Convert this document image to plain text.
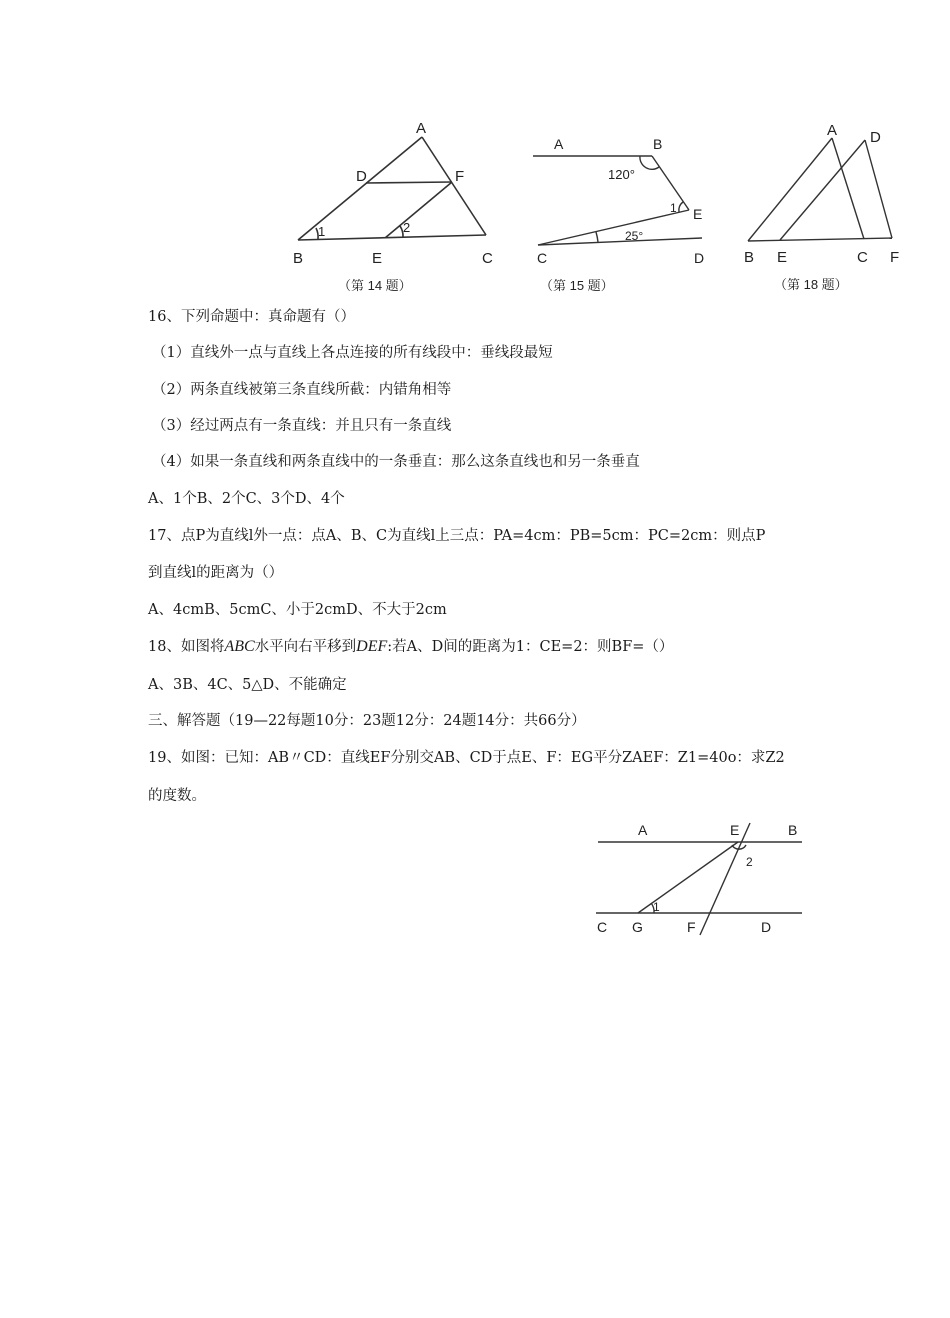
A
D	F
B	E	C
1	2
（第 14 题）
A	B
120°
1 E
25°
C	D
（第 15 题）
A D
B E	C F
（第 18 题）
16、下列命题中：真命题有（）
（1）直线外一点与直线上各点连接的所有线段中：垂线段最短
（2）两条直线被第三条直线所截：内错角相等
（3）经过两点有一条直线：并且只有一条直线
（4）如果一条直线和两条直线中的一条垂直：那么这条直线也和另一条垂直
A、1个B、2个C、3个D、4个
17、点P为直线l外一点：点A、B、C为直线l上三点：PA=4cm：PB=5cm：PC=2cm：则点P
到直线l的距离为（）
A、4cmB、5cmC、小于2cmD、不大于2cm
18、如图将ABC水平向右平移到DEF:若A、D间的距离为1：CE=2：则BF=（）
A、3B、4C、5△D、不能确定
三、解答题（19—22每题10分：23题12分：24题14分：共66分）
19、如图：已知：AB〃CD：直线EF分别交AB、CD于点E、F：EG平分ZAEF：Z1=40o：求Z2
的度数。
A	E	B
2
1
C G	F	D
